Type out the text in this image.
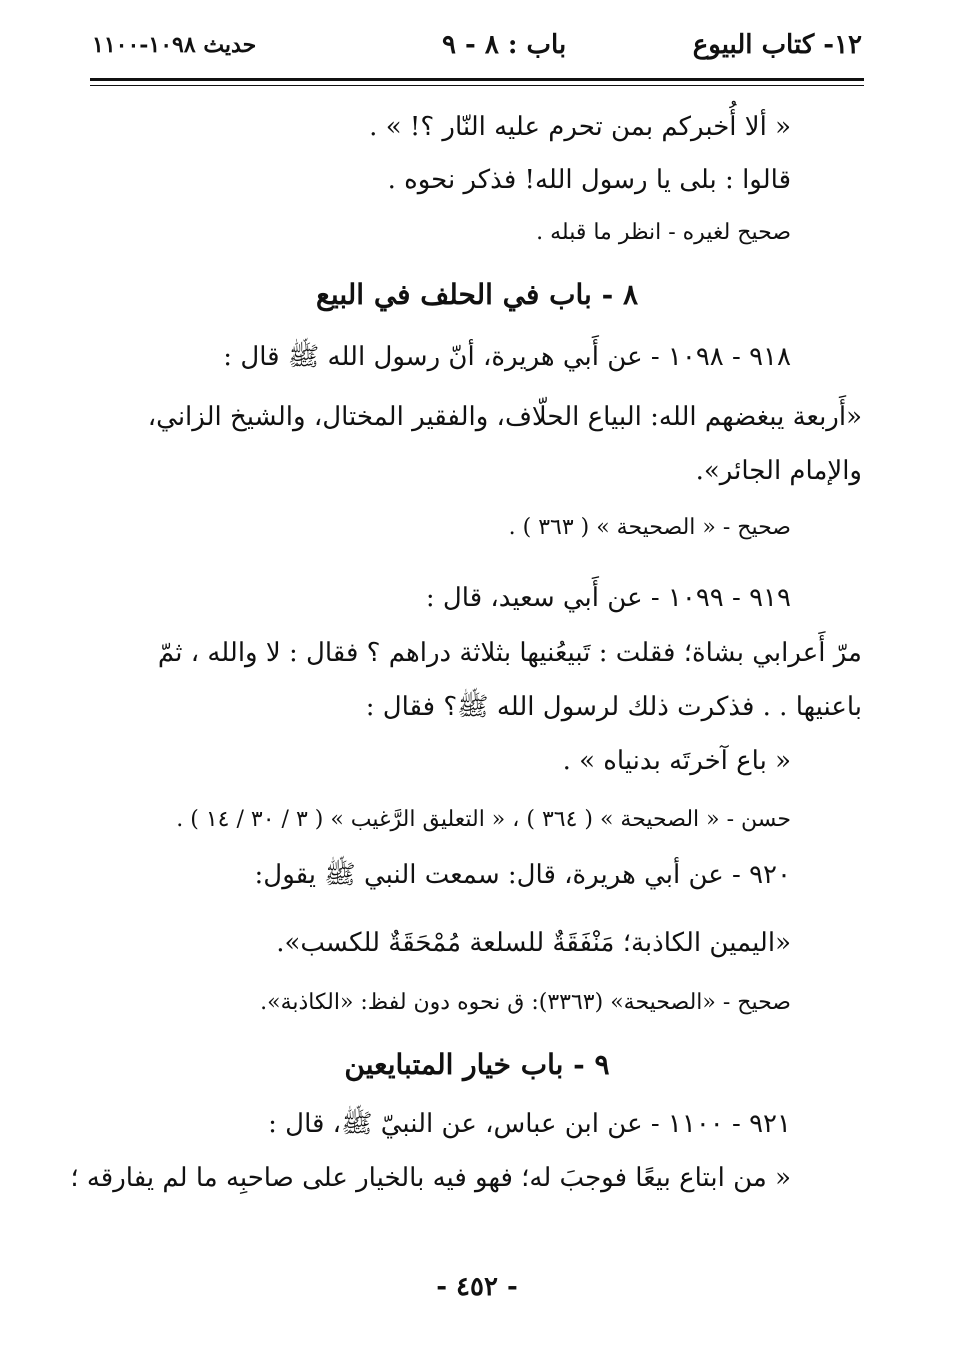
١٢- كتاب البيوع
باب : ٨ - ٩
حديث ١٠٩٨-١١٠٠
« ألا أُخبركم بمن تحرم عليه النّار ؟! » .
قالوا : بلى يا رسول الله! فذكر نحوه .
صحيح لغيره - انظر ما قبله .
٨ - باب في الحلف في البيع
٩١٨ - ١٠٩٨ - عن أَبي هريرة، أنّ رسول الله ﷺ قال :
«أَربعة يبغضهم الله: البياع الحلّاف، والفقير المختال، والشيخ الزاني،
والإمام الجائر».
صحيح - « الصحيحة » ( ٣٦٣ ) .
٩١٩ - ١٠٩٩ - عن أَبي سعيد، قال :
مرّ أَعرابي بشاة؛ فقلت : تَبيعُنيها بثلاثة دراهم ؟ فقال : لا والله ، ثمّ
باعنيها . . فذكرت ذلك لرسول الله ﷺ؟ فقال :
« باع آخرتَه بدنياه » .
حسن - « الصحيحة » ( ٣٦٤ ) ، « التعليق الرَّغيب » ( ٣ / ٣٠ / ١٤ ) .
٩٢٠ - عن أبي هريرة، قال: سمعت النبي ﷺ يقول:
«اليمين الكاذبة؛ مَنْفَقَةٌ للسلعة مُمْحَقَةٌ للكسب».
صحيح - «الصحيحة» (٣٣٦٣): ق نحوه دون لفظ: «الكاذبة».
٩ - باب خيار المتبايعين
٩٢١ - ١١٠٠ - عن ابن عباس، عن النبيّ ﷺ، قال :
« من ابتاع بيعًا فوجبَ له؛ فهو فيه بالخيار على صاحبِه ما لم يفارقه ؛
- ٤٥٢ -
